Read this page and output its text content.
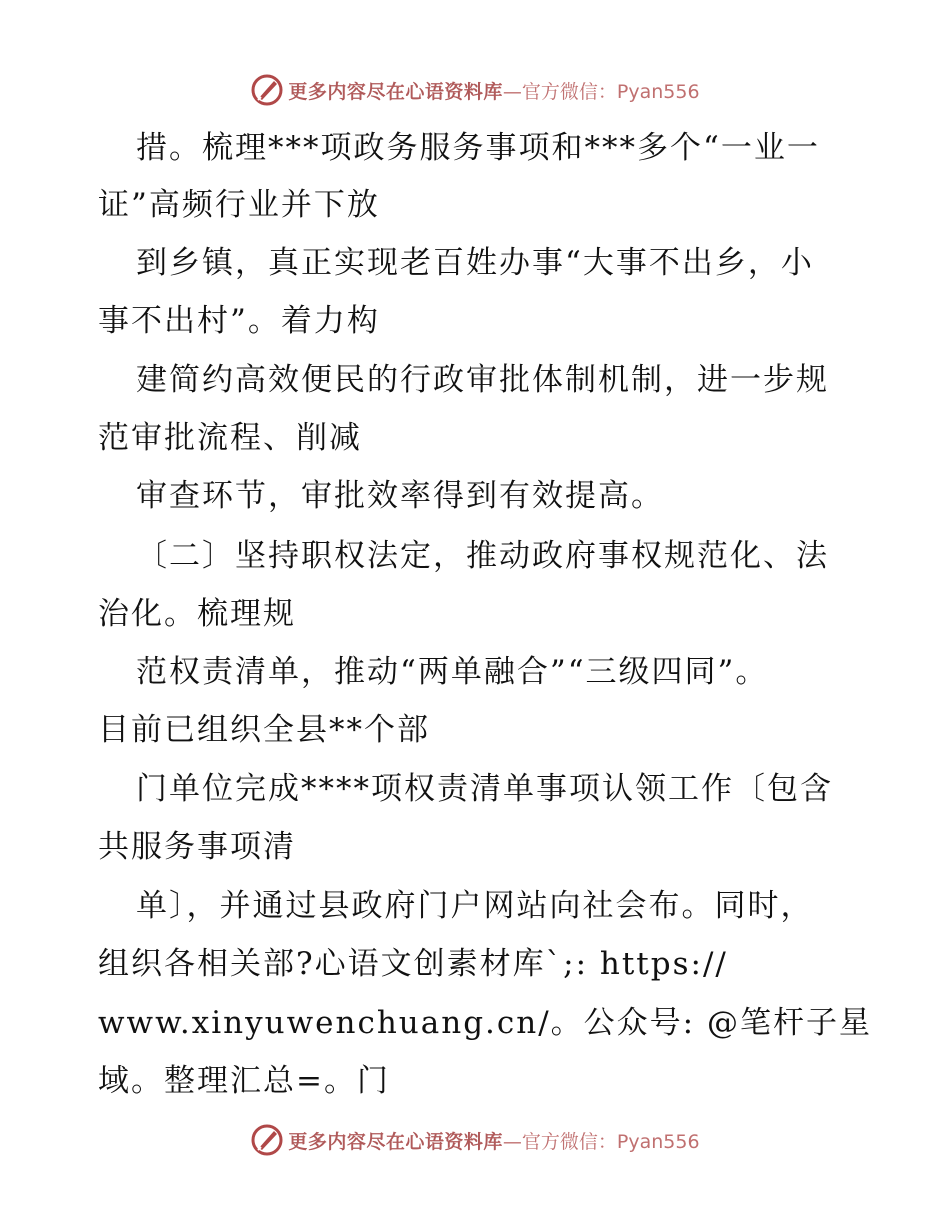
更多内容尽在心语资料库 —官方微信：Pyan556
措。梳理***项政务服务事项和***多个“一业一
证”高频行业并下放
到乡镇，真正实现老百姓办事“大事不出乡，小
事不出村”。着力构
建简约高效便民的行政审批体制机制，进一步规
范审批流程、削减
审查环节，审批效率得到有效提高。
〔二〕坚持职权法定，推动政府事权规范化、法
治化。梳理规
范权责清单，推动“两单融合”“三级四同”。
目前已组织全县**个部
门单位完成****项权责清单事项认领工作〔包含
共服务事项清
单〕，并通过县政府门户网站向社会布。同时，
组织各相关部?心语文创素材库`;: https://
www.xinyuwenchuang.cn/。公众号: @笔杆子星
域。整理汇总=。门
更多内容尽在心语资料库 —官方微信：Pyan556
